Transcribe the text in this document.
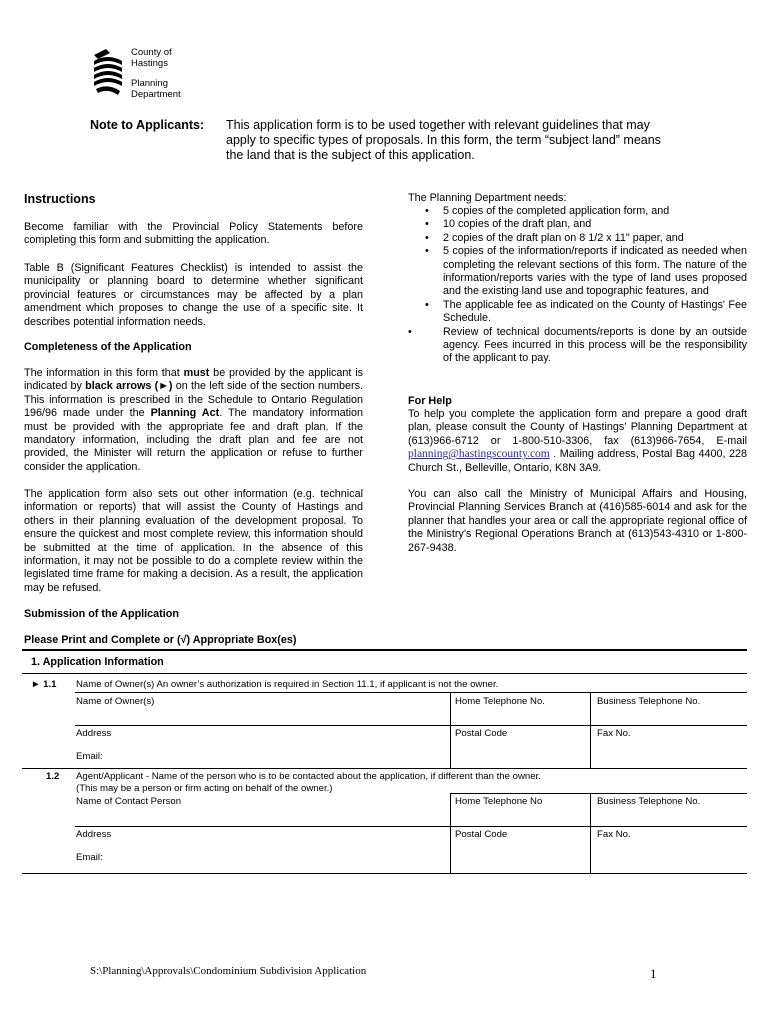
County of
Hastings
Planning
Department
Note to Applicants: This application form is to be used together with relevant guidelines that may
apply to specific types of proposals. In this form, the term “subject land” means
the land that is the subject of this application.
Instructions
Become familiar with the Provincial Policy Statements before completing this form and submitting the application.
Table B (Significant Features Checklist) is intended to assist the municipality or planning board to determine whether significant provincial features or circumstances may be affected by a plan amendment which proposes to change the use of a specific site. It describes potential information needs.
Completeness of the Application
The information in this form that must be provided by the applicant is indicated by black arrows (►) on the left side of the section numbers. This information is prescribed in the Schedule to Ontario Regulation 196/96 made under the Planning Act. The mandatory information must be provided with the appropriate fee and draft plan. If the mandatory information, including the draft plan and fee are not provided, the Minister will return the application or refuse to further consider the application.
The application form also sets out other information (e.g. technical information or reports) that will assist the County of Hastings and others in their planning evaluation of the development proposal. To ensure the quickest and most complete review, this information should be submitted at the time of application. In the absence of this information, it may not be possible to do a complete review within the legislated time frame for making a decision. As a result, the application may be refused.
Submission of the Application
The Planning Department needs:
• 5 copies of the completed application form, and
• 10 copies of the draft plan, and
• 2 copies of the draft plan on 8 1/2 x 11" paper, and
• 5 copies of the information/reports if indicated as needed when completing the relevant sections of this form. The nature of the information/reports varies with the type of land uses proposed and the existing land use and topographic features, and
• The applicable fee as indicated on the County of Hastings' Fee Schedule.
•	Review of technical documents/reports is done by an outside agency. Fees incurred in this process will be the responsibility of the applicant to pay.
For Help
To help you complete the application form and prepare a good draft plan, please consult the County of Hastings’ Planning Department at (613)966-6712 or 1-800-510-3306, fax (613)966-7654, E-mail planning@hastingscounty.com . Mailing address, Postal Bag 4400, 228 Church St., Belleville, Ontario, K8N 3A9.
You can also call the Ministry of Municipal Affairs and Housing, Provincial Planning Services Branch at (416)585-6014 and ask for the planner that handles your area or call the appropriate regional office of the Ministry’s Regional Operations Branch at (613)543-4310 or 1-800-267-9438.
Please Print and Complete or (√) Appropriate Box(es)
1. Application Information
► 1.1 Name of Owner(s) An owner’s authorization is required in Section 11.1, if applicant is not the owner.
Name of Owner(s)	Home Telephone No.	Business Telephone No.
Address	Postal Code	Fax No.
Email:
1.2 Agent/Applicant - Name of the person who is to be contacted about the application, if different than the owner.
(This may be a person or firm acting on behalf of the owner.)
Name of Contact Person	Home Telephone No	Business Telephone No.
Address	Postal Code	Fax No.
Email:
S:\Planning\Approvals\Condominium Subdivision Application	1
